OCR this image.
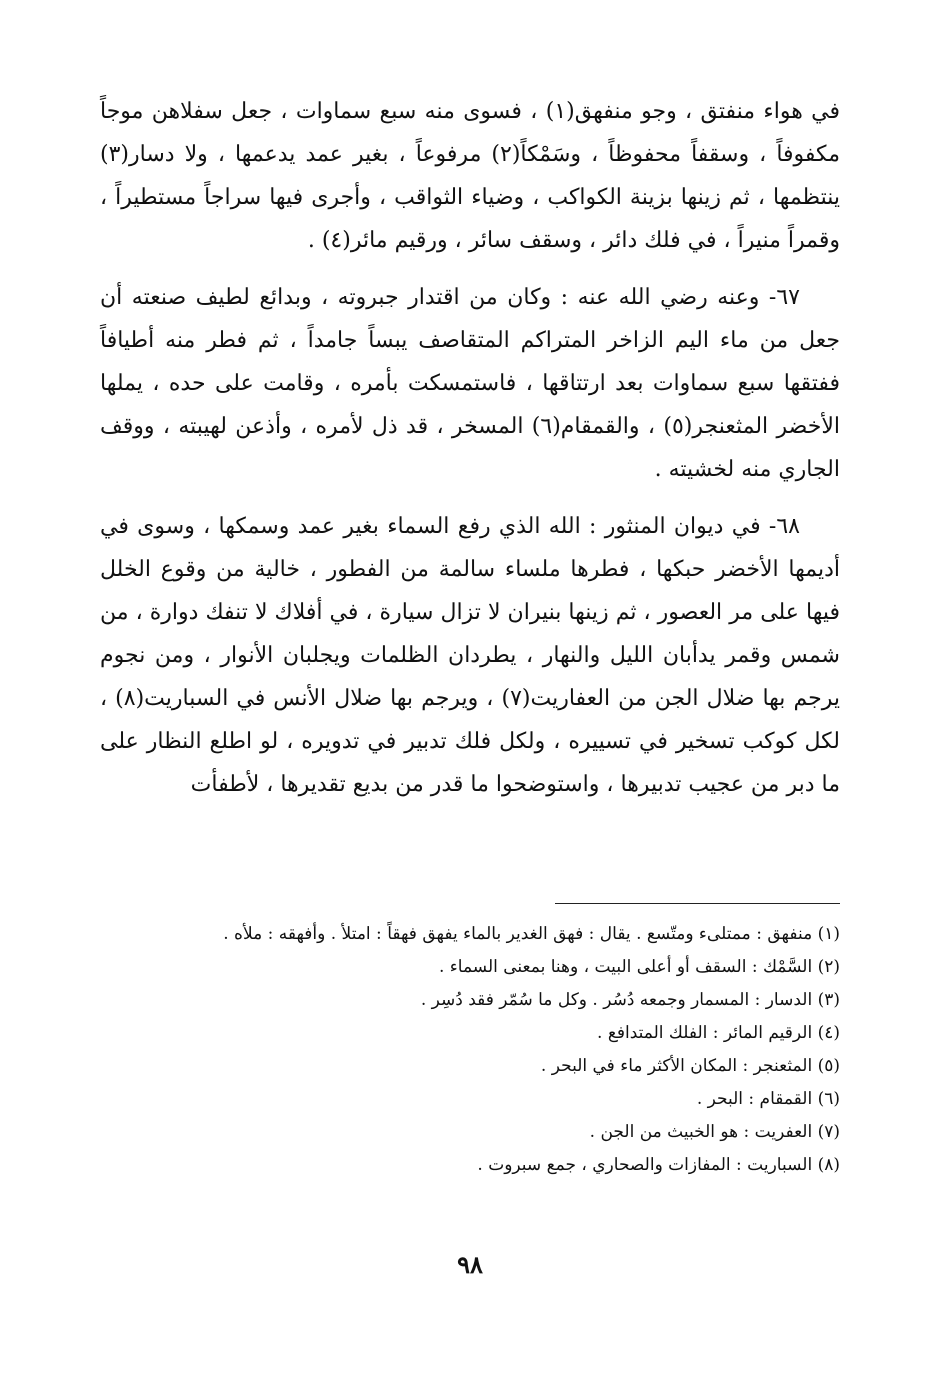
في هواء منفتق ، وجو منفهق(١) ، فسوى منه سبع سماوات ، جعل سفلاهن موجاً مكفوفاً ، وسقفاً محفوظاً ، وسَمْكاً(٢) مرفوعاً ، بغير عمد يدعمها ، ولا دسار(٣) ينتظمها ، ثم زينها بزينة الكواكب ، وضياء الثواقب ، وأجرى فيها سراجاً مستطيراً ، وقمراً منيراً ، في فلك دائر ، وسقف سائر ، ورقيم مائر(٤) .

٦٧- وعنه رضي الله عنه : وكان من اقتدار جبروته ، وبدائع لطيف صنعته أن جعل من ماء اليم الزاخر المتراكم المتقاصف يبساً جامداً ، ثم فطر منه أطيافاً ففتقها سبع سماوات بعد ارتتاقها ، فاستمسكت بأمره ، وقامت على حده ، يملها الأخضر المثعنجر(٥) ، والقمقام(٦) المسخر ، قد ذل لأمره ، وأذعن لهيبته ، ووقف الجاري منه لخشيته .

٦٨- في ديوان المنثور : الله الذي رفع السماء بغير عمد وسمكها ، وسوى في أديمها الأخضر حبكها ، فطرها ملساء سالمة من الفطور ، خالية من وقوع الخلل فيها على مر العصور ، ثم زينها بنيران لا تزال سيارة ، في أفلاك لا تنفك دوارة ، من شمس وقمر يدأبان الليل والنهار ، يطردان الظلمات ويجلبان الأنوار ، ومن نجوم يرجم بها ضلال الجن من العفاريت(٧) ، ويرجم بها ضلال الأنس في السباريت(٨) ، لكل كوكب تسخير في تسييره ، ولكل فلك تدبير في تدويره ، لو اطلع النظار على ما دبر من عجيب تدبيرها ، واستوضحوا ما قدر من بديع تقديرها ، لأطفأت

(١) منفهق : ممتلىء ومتّسع . يقال : فهق الغدير بالماء يفهق فهقاً : امتلأ . وأفهقه : ملأه .

(٢) السَّمْك : السقف أو أعلى البيت ، وهنا بمعنى السماء .

(٣) الدسار : المسمار وجمعه دُسُر . وكل ما سُمّر فقد دُسِر .

(٤) الرقيم المائر : الفلك المتدافع .

(٥) المثعنجر : المكان الأكثر ماء في البحر .

(٦) القمقام : البحر .

(٧) العفريت : هو الخبيث من الجن .

(٨) السباريت : المفازات والصحاري ، جمع سبروت .

٩٨
